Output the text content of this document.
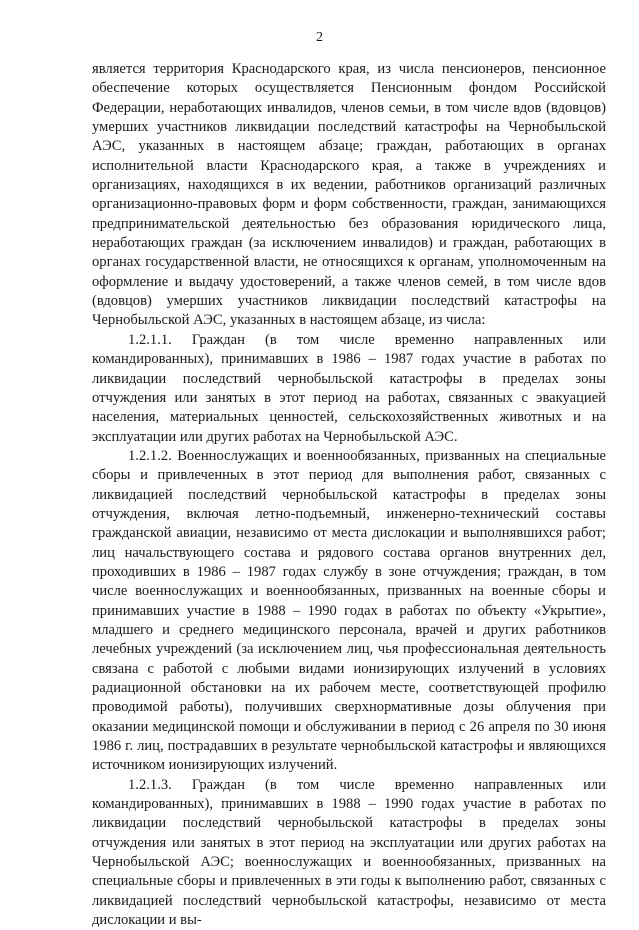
2

является территория Краснодарского края, из числа пенсионеров, пенсионное обеспечение которых осуществляется Пенсионным фондом Российской Федерации, неработающих инвалидов, членов семьи, в том числе вдов (вдовцов) умерших участников ликвидации последствий катастрофы на Чернобыльской АЭС, указанных в настоящем абзаце; граждан, работающих в органах исполнительной власти Краснодарского края, а также в учреждениях и организациях, находящихся в их ведении, работников организаций различных организационно-правовых форм и форм собственности, граждан, занимающихся предпринимательской деятельностью без образования юридического лица, неработающих граждан (за исключением инвалидов) и граждан, работающих в органах государственной власти, не относящихся к органам, уполномоченным на оформление и выдачу удостоверений, а также членов семей, в том числе вдов (вдовцов) умерших участников ликвидации последствий катастрофы на Чернобыльской АЭС, указанных в настоящем абзаце, из числа:

1.2.1.1. Граждан (в том числе временно направленных или командированных), принимавших в 1986 – 1987 годах участие в работах по ликвидации последствий чернобыльской катастрофы в пределах зоны отчуждения или занятых в этот период на работах, связанных с эвакуацией населения, материальных ценностей, сельскохозяйственных животных и на эксплуатации или других работах на Чернобыльской АЭС.

1.2.1.2. Военнослужащих и военнообязанных, призванных на специальные сборы и привлеченных в этот период для выполнения работ, связанных с ликвидацией последствий чернобыльской катастрофы в пределах зоны отчуждения, включая летно-подъемный, инженерно-технический составы гражданской авиации, независимо от места дислокации и выполнявшихся работ; лиц начальствующего состава и рядового состава органов внутренних дел, проходивших в 1986 – 1987 годах службу в зоне отчуждения; граждан, в том числе военнослужащих и военнообязанных, призванных на военные сборы и принимавших участие в 1988 – 1990 годах в работах по объекту «Укрытие», младшего и среднего медицинского персонала, врачей и других работников лечебных учреждений (за исключением лиц, чья профессиональная деятельность связана с работой с любыми видами ионизирующих излучений в условиях радиационной обстановки на их рабочем месте, соответствующей профилю проводимой работы), получивших сверхнормативные дозы облучения при оказании медицинской помощи и обслуживании в период с 26 апреля по 30 июня 1986 г. лиц, пострадавших в результате чернобыльской катастрофы и являющихся источником ионизирующих излучений.

1.2.1.3. Граждан (в том числе временно направленных или командированных), принимавших в 1988 – 1990 годах участие в работах по ликвидации последствий чернобыльской катастрофы в пределах зоны отчуждения или занятых в этот период на эксплуатации или других работах на Чернобыльской АЭС; военнослужащих и военнообязанных, призванных на специальные сборы и привлеченных в эти годы к выполнению работ, связанных с ликвидацией последствий чернобыльской катастрофы, независимо от места дислокации и вы-
